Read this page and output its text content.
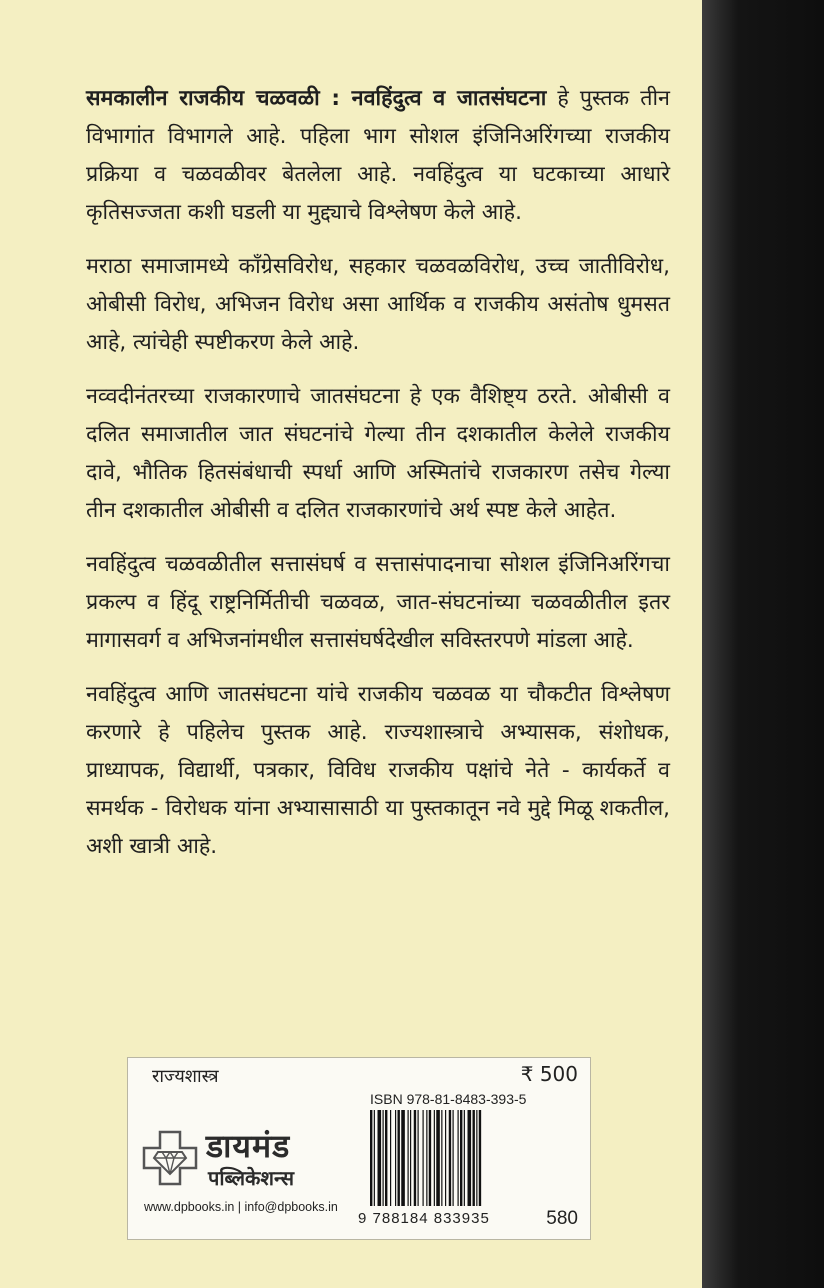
समकालीन राजकीय चळवळी : नवहिंदुत्व व जातसंघटना हे पुस्तक तीन विभागांत विभागले आहे. पहिला भाग सोशल इंजिनिअरिंगच्या राजकीय प्रक्रिया व चळवळीवर बेतलेला आहे. नवहिंदुत्व या घटकाच्या आधारे कृतिसज्जता कशी घडली या मुद्द्याचे विश्लेषण केले आहे.

मराठा समाजामध्ये काँग्रेसविरोध, सहकार चळवळविरोध, उच्च जातीविरोध, ओबीसी विरोध, अभिजन विरोध असा आर्थिक व राजकीय असंतोष धुमसत आहे, त्यांचेही स्पष्टीकरण केले आहे.

नव्वदीनंतरच्या राजकारणाचे जातसंघटना हे एक वैशिष्ट्य ठरते. ओबीसी व दलित समाजातील जात संघटनांचे गेल्या तीन दशकातील केलेले राजकीय दावे, भौतिक हितसंबंधाची स्पर्धा आणि अस्मितांचे राजकारण तसेच गेल्या तीन दशकातील ओबीसी व दलित राजकारणांचे अर्थ स्पष्ट केले आहेत.

नवहिंदुत्व चळवळीतील सत्तासंघर्ष व सत्तासंपादनाचा सोशल इंजिनिअरिंगचा प्रकल्प व हिंदू राष्ट्रनिर्मितीची चळवळ, जात-संघटनांच्या चळवळीतील इतर मागासवर्ग व अभिजनांमधील सत्तासंघर्षदेखील सविस्तरपणे मांडला आहे.

नवहिंदुत्व आणि जातसंघटना यांचे राजकीय चळवळ या चौकटीत विश्लेषण करणारे हे पहिलेच पुस्तक आहे. राज्यशास्त्राचे अभ्यासक, संशोधक, प्राध्यापक, विद्यार्थी, पत्रकार, विविध राजकीय पक्षांचे नेते - कार्यकर्ते व समर्थक - विरोधक यांना अभ्यासासाठी या पुस्तकातून नवे मुद्दे मिळू शकतील, अशी खात्री आहे.

राज्यशास्त्र	₹ 500
ISBN 978-81-8483-393-5
9 788184 833935	580
डायमंड
पब्लिकेशन्स
www.dpbooks.in | info@dpbooks.in
